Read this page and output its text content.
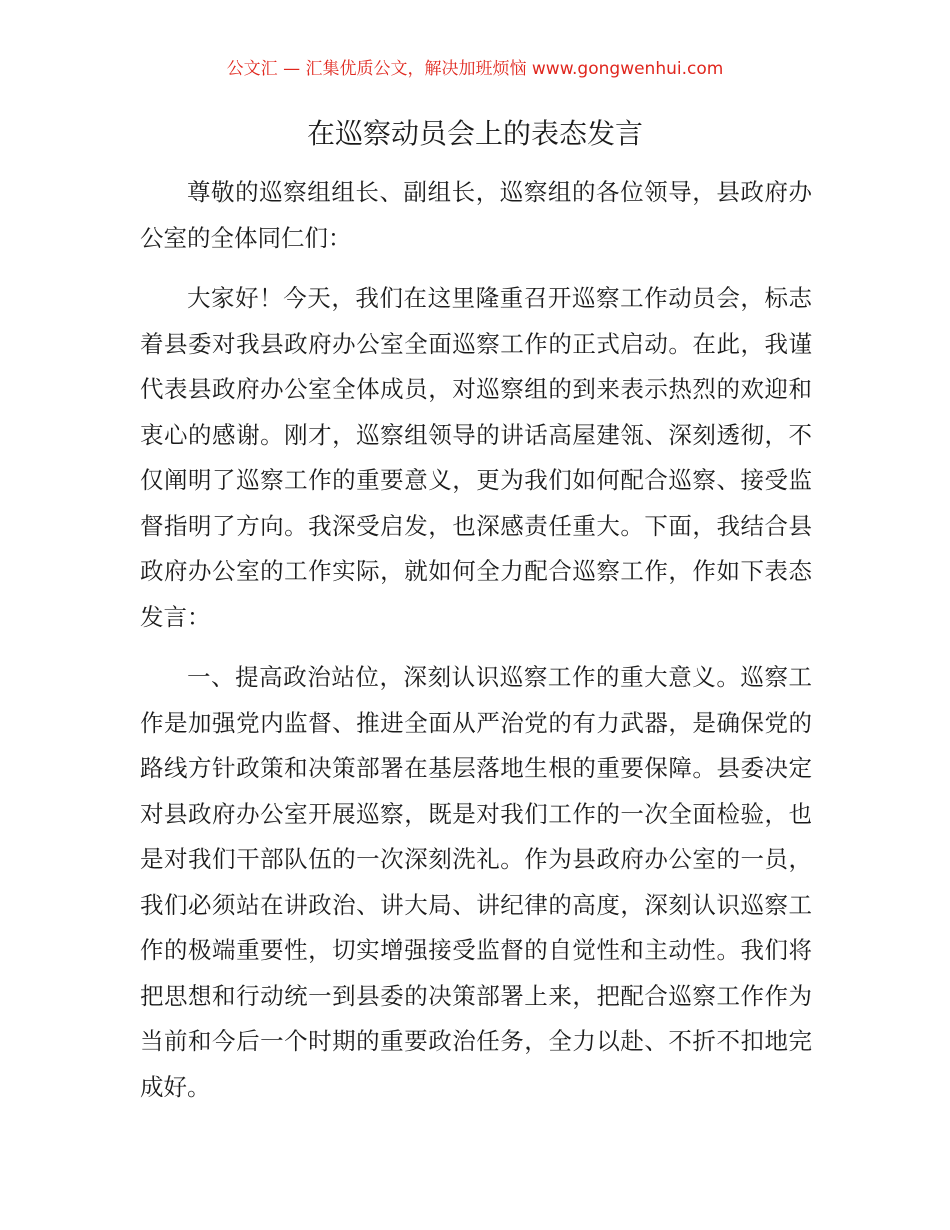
公文汇 — 汇集优质公文，解决加班烦恼 www.gongwenhui.com
在巡察动员会上的表态发言

尊敬的巡察组组长、副组长，巡察组的各位领导，县政府办公室的全体同仁们：

大家好！今天，我们在这里隆重召开巡察工作动员会，标志着县委对我县政府办公室全面巡察工作的正式启动。在此，我谨代表县政府办公室全体成员，对巡察组的到来表示热烈的欢迎和衷心的感谢。刚才，巡察组领导的讲话高屋建瓴、深刻透彻，不仅阐明了巡察工作的重要意义，更为我们如何配合巡察、接受监督指明了方向。我深受启发，也深感责任重大。下面，我结合县政府办公室的工作实际，就如何全力配合巡察工作，作如下表态发言：

一、提高政治站位，深刻认识巡察工作的重大意义。巡察工作是加强党内监督、推进全面从严治党的有力武器，是确保党的路线方针政策和决策部署在基层落地生根的重要保障。县委决定对县政府办公室开展巡察，既是对我们工作的一次全面检验，也是对我们干部队伍的一次深刻洗礼。作为县政府办公室的一员，我们必须站在讲政治、讲大局、讲纪律的高度，深刻认识巡察工作的极端重要性，切实增强接受监督的自觉性和主动性。我们将把思想和行动统一到县委的决策部署上来，把配合巡察工作作为当前和今后一个时期的重要政治任务，全力以赴、不折不扣地完成好。
